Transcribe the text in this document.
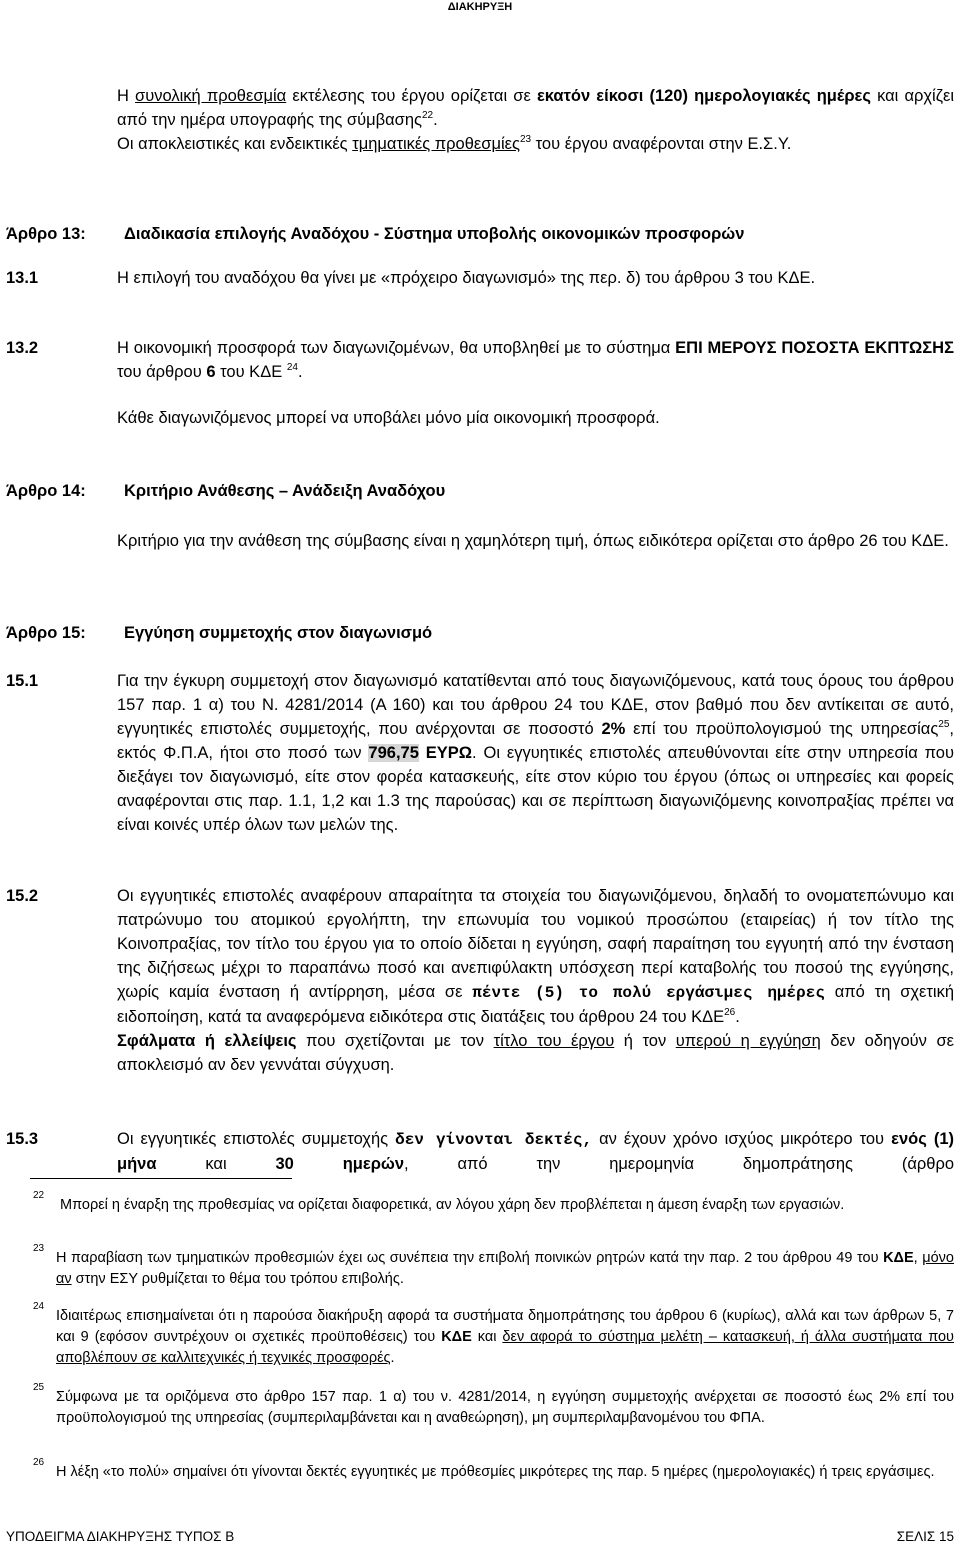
ΔΙΑΚΗΡΥΞΗ

Η συνολική προθεσμία εκτέλεσης του έργου ορίζεται σε εκατόν είκοσι (120) ημερολογιακές ημέρες και αρχίζει από την ημέρα υπογραφής της σύμβασης$^{22}$.
Οι αποκλειστικές και ενδεικτικές τμηματικές προθεσμίες$^{23}$ του έργου αναφέρονται στην Ε.Σ.Υ.

Άρθρο 13: Διαδικασία επιλογής Αναδόχου - Σύστημα υποβολής οικονομικών προσφορών

13.1	Η επιλογή του αναδόχου θα γίνει με «πρόχειρο διαγωνισμό» της περ. δ) του άρθρου 3 του ΚΔΕ.

13.2	Η οικονομική προσφορά των διαγωνιζομένων, θα υποβληθεί με το σύστημα ΕΠΙ ΜΕΡΟΥΣ ΠΟΣΟΣΤΑ ΕΚΠΤΩΣΗΣ του άρθρου 6 του ΚΔΕ $^{24}$.

Κάθε διαγωνιζόμενος μπορεί να υποβάλει μόνο μία οικονομική προσφορά.

Άρθρο 14: Κριτήριο Ανάθεσης – Ανάδειξη Αναδόχου

Κριτήριο για την ανάθεση της σύμβασης είναι η χαμηλότερη τιμή, όπως ειδικότερα ορίζεται στο άρθρο 26 του ΚΔΕ.

Άρθρο 15: Εγγύηση συμμετοχής στον διαγωνισμό

15.1	Για την έγκυρη συμμετοχή στον διαγωνισμό κατατίθενται από τους διαγωνιζόμενους, κατά τους όρους του άρθρου 157 παρ. 1 α) του Ν. 4281/2014 (Α 160) και του άρθρου 24 του ΚΔΕ, στον βαθμό που δεν αντίκειται σε αυτό, εγγυητικές επιστολές συμμετοχής, που ανέρχονται σε ποσοστό 2% επί του προϋπολογισμού της υπηρεσίας$^{25}$, εκτός Φ.Π.Α, ήτοι στο ποσό των 796,75 ΕΥΡΩ. Οι εγγυητικές επιστολές απευθύνονται είτε στην υπηρεσία που διεξάγει τον διαγωνισμό, είτε στον φορέα κατασκευής, είτε στον κύριο του έργου (όπως οι υπηρεσίες και φορείς αναφέρονται στις παρ. 1.1, 1,2 και 1.3 της παρούσας) και σε περίπτωση διαγωνιζόμενης κοινοπραξίας πρέπει να είναι κοινές υπέρ όλων των μελών της.

15.2	Οι εγγυητικές επιστολές αναφέρουν απαραίτητα τα στοιχεία του διαγωνιζόμενου, δηλαδή το ονοματεπώνυμο και πατρώνυμο του ατομικού εργολήπτη, την επωνυμία του νομικού προσώπου (εταιρείας) ή τον τίτλο της Κοινοπραξίας, τον τίτλο του έργου για το οποίο δίδεται η εγγύηση, σαφή παραίτηση του εγγυητή από την ένσταση της διζήσεως μέχρι το παραπάνω ποσό και ανεπιφύλακτη υπόσχεση περί καταβολής του ποσού της εγγύησης, χωρίς καμία ένσταση ή αντίρρηση, μέσα σε πέντε (5) το πολύ εργάσιμες ημέρες από τη σχετική ειδοποίηση, κατά τα αναφερόμενα ειδικότερα στις διατάξεις του άρθρου 24 του ΚΔΕ$^{26}$.
Σφάλματα ή ελλείψεις που σχετίζονται με τον τίτλο του έργου ή τον υπερού η εγγύηση δεν οδηγούν σε αποκλεισμό αν δεν γεννάται σύγχυση.

15.3	Οι εγγυητικές επιστολές συμμετοχής δεν γίνονται δεκτές, αν έχουν χρόνο ισχύος μικρότερο του ενός (1) μήνα και 30 ημερών, από την ημερομηνία δημοπράτησης (άρθρο

22

Μπορεί η έναρξη της προθεσμίας να ορίζεται διαφορετικά, αν λόγου χάρη δεν προβλέπεται η άμεση έναρξη των εργασιών.

23

Η παραβίαση των τμηματικών προθεσμιών έχει ως συνέπεια την επιβολή ποινικών ρητρών κατά την παρ. 2 του άρθρου 49 του ΚΔΕ, μόνο αν στην ΕΣΥ ρυθμίζεται το θέμα του τρόπου επιβολής.

24

Ιδιαιτέρως επισημαίνεται ότι η παρούσα διακήρυξη αφορά τα συστήματα δημοπράτησης του άρθρου 6 (κυρίως), αλλά και των άρθρων 5, 7 και 9 (εφόσον συντρέχουν οι σχετικές προϋποθέσεις) του ΚΔΕ και δεν αφορά το σύστημα μελέτη – κατασκευή, ή άλλα συστήματα που αποβλέπουν σε καλλιτεχνικές ή τεχνικές προσφορές.

25

Σύμφωνα με τα οριζόμενα στο άρθρο 157 παρ. 1 α) του ν. 4281/2014, η εγγύηση συμμετοχής ανέρχεται σε ποσοστό έως 2% επί του προϋπολογισμού της υπηρεσίας (συμπεριλαμβάνεται και η αναθεώρηση), μη συμπεριλαμβανομένου του ΦΠΑ.

26

Η λέξη «το πολύ» σημαίνει ότι γίνονται δεκτές εγγυητικές με πρόθεσμίες μικρότερες της παρ. 5 ημέρες (ημερολογιακές) ή τρεις εργάσιμες.

ΥΠΟΔΕΙΓΜΑ ΔΙΑΚΗΡΥΞΗΣ ΤΥΠΟΣ Β	ΣΕΛΙΣ 15
